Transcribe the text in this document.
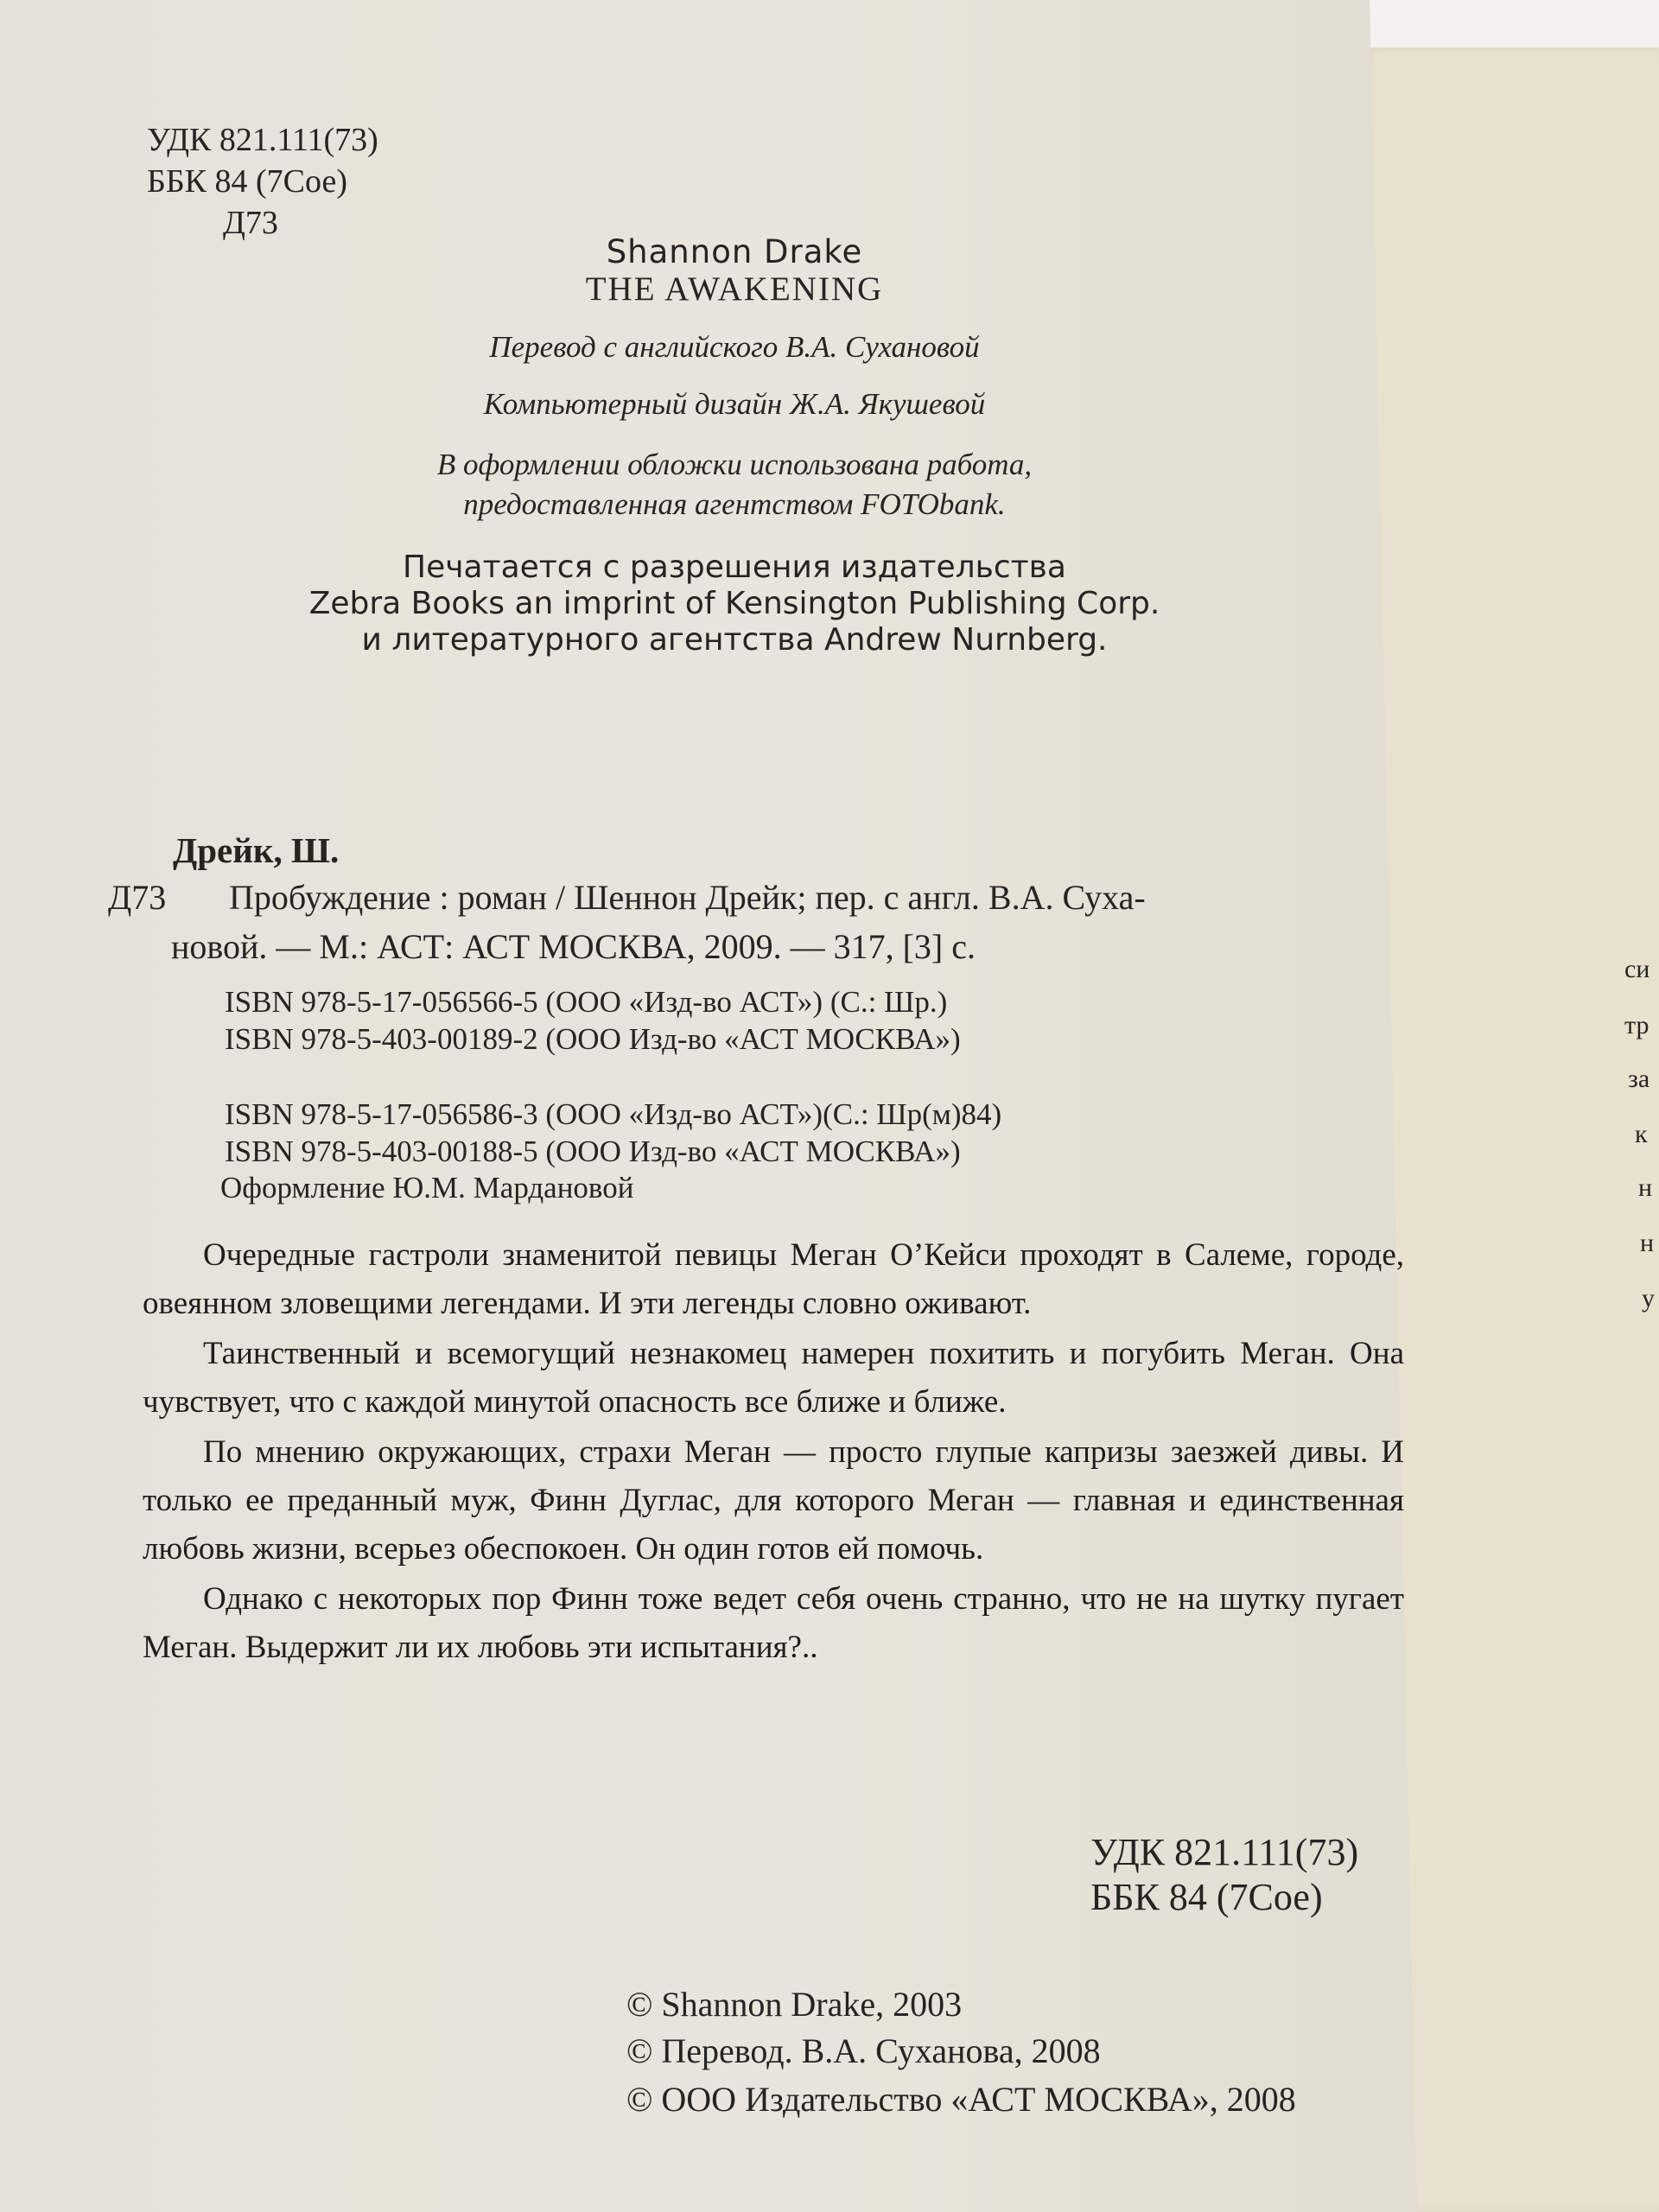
си
тр
за
к
н
н
у
УДК 821.111(73)
ББК 84 (7Сое)
Д73
Shannon Drake
THE AWAKENING
Перевод с английского В.А. Сухановой
Компьютерный дизайн Ж.А. Якушевой
В оформлении обложки использована работа,
предоставленная агентством FOTObank.
Печатается с разрешения издательства
Zebra Books an imprint of Kensington Publishing Corp.
и литературного агентства Andrew Nurnberg.
Дрейк, Ш.
Д73 Пробуждение : роман / Шеннон Дрейк; пер. с англ. В.А. Суха-
новой. — М.: АСТ: АСТ МОСКВА, 2009. — 317, [3] с.
ISBN 978-5-17-056566-5 (ООО «Изд-во АСТ») (С.: Шр.)
ISBN 978-5-403-00189-2 (ООО Изд-во «АСТ МОСКВА»)
ISBN 978-5-17-056586-3 (ООО «Изд-во АСТ»)(С.: Шр(м)84)
ISBN 978-5-403-00188-5 (ООО Изд-во «АСТ МОСКВА»)
Оформление Ю.М. Мардановой

Очередные гастроли знаменитой певицы Меган О’Кейси проходят в Салеме, городе, овеянном зловещими легендами. И эти легенды словно оживают.

Таинственный и всемогущий незнакомец намерен похитить и погубить Меган. Она чувствует, что с каждой минутой опасность все ближе и ближе.

По мнению окружающих, страхи Меган — просто глупые капризы заезжей дивы. И только ее преданный муж, Финн Дуглас, для которого Меган — главная и единственная любовь жизни, всерьез обеспокоен. Он один готов ей помочь.

Однако с некоторых пор Финн тоже ведет себя очень странно, что не на шутку пугает Меган. Выдержит ли их любовь эти испытания?..

УДК 821.111(73)
ББК 84 (7Сое)
© Shannon Drake, 2003
© Перевод. В.А. Суханова, 2008
© ООО Издательство «АСТ МОСКВА», 2008
